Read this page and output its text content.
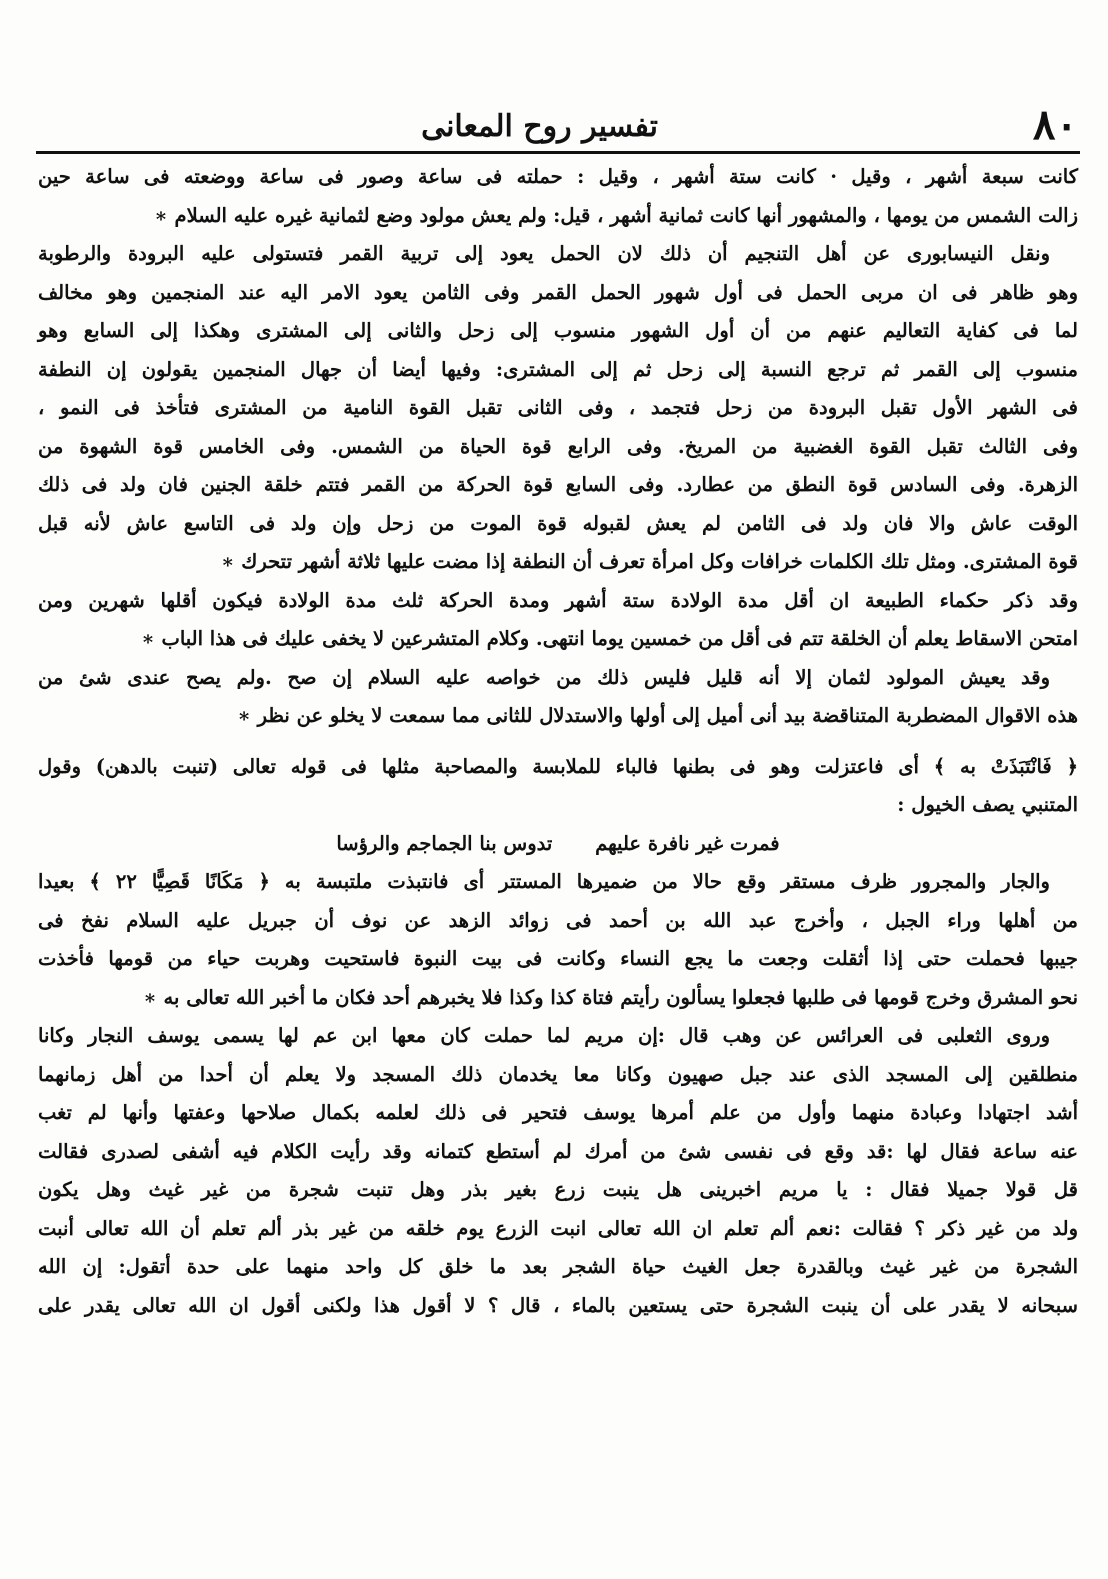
٨٠
تفسير روح المعانى

كانت سبعة أشهر ، وقيل · كانت ستة أشهر ، وقيل : حملته فى ساعة وصور فى ساعة ووضعته فى ساعة حين

زالت الشمس من يومها ، والمشهور أنها كانت ثمانية أشهر ، قيل: ولم يعش مولود وضع لثمانية غيره عليه السلام ∗

ونقل النيسابورى عن أهل التنجيم أن ذلك لان الحمل يعود إلى تربية القمر فتستولى عليه البرودة والرطوبة

وهو ظاهر فى ان مربى الحمل فى أول شهور الحمل القمر وفى الثامن يعود الامر اليه عند المنجمين وهو مخالف

لما فى كفاية التعاليم عنهم من أن أول الشهور منسوب إلى زحل والثانى إلى المشترى وهكذا إلى السابع وهو

منسوب إلى القمر ثم ترجع النسبة إلى زحل ثم إلى المشترى: وفيها أيضا أن جهال المنجمين يقولون إن النطفة

فى الشهر الأول تقبل البرودة من زحل فتجمد ، وفى الثانى تقبل القوة النامية من المشترى فتأخذ فى النمو ،

وفى الثالث تقبل القوة الغضبية من المريخ. وفى الرابع قوة الحياة من الشمس. وفى الخامس قوة الشهوة من

الزهرة. وفى السادس قوة النطق من عطارد. وفى السابع قوة الحركة من القمر فتتم خلقة الجنين فان ولد فى ذلك

الوقت عاش والا فان ولد فى الثامن لم يعش لقبوله قوة الموت من زحل وإن ولد فى التاسع عاش لأنه قبل

قوة المشترى. ومثل تلك الكلمات خرافات وكل امرأة تعرف أن النطفة إذا مضت عليها ثلاثة أشهر تتحرك ∗

وقد ذكر حكماء الطبيعة ان أقل مدة الولادة ستة أشهر ومدة الحركة ثلث مدة الولادة فيكون أقلها شهرين ومن

امتحن الاسقاط يعلم أن الخلقة تتم فى أقل من خمسين يوما انتهى. وكلام المتشرعين لا يخفى عليك فى هذا الباب ∗

وقد يعيش المولود لثمان إلا أنه قليل فليس ذلك من خواصه عليه السلام إن صح .ولم يصح عندى شئ من

هذه الاقوال المضطربة المتناقضة بيد أنى أميل إلى أولها والاستدلال للثانى مما سمعت لا يخلو عن نظر ∗

﴿ فَانْتَبَذَتْ به ﴾ أى فاعتزلت وهو فى بطنها فالباء للملابسة والمصاحبة مثلها فى قوله تعالى (تنبت بالدهن) وقول

المتنبي يصف الخيول :

فمرت غير نافرة عليهم تدوس بنا الجماجم والرؤسا

والجار والمجرور ظرف مستقر وقع حالا من ضميرها المستتر أى فانتبذت ملتبسة به ﴿ مَكَانًا قَصِيًّا ٢٢ ﴾ بعيدا

من أهلها وراء الجبل ، وأخرج عبد الله بن أحمد فى زوائد الزهد عن نوف أن جبريل عليه السلام نفخ فى

جيبها فحملت حتى إذا أثقلت وجعت ما يجع النساء وكانت فى بيت النبوة فاستحيت وهربت حياء من قومها فأخذت

نحو المشرق وخرج قومها فى طلبها فجعلوا يسألون رأيتم فتاة كذا وكذا فلا يخبرهم أحد فكان ما أخبر الله تعالى به ∗

وروى الثعلبى فى العرائس عن وهب قال :إن مريم لما حملت كان معها ابن عم لها يسمى يوسف النجار وكانا

منطلقين إلى المسجد الذى عند جبل صهيون وكانا معا يخدمان ذلك المسجد ولا يعلم أن أحدا من أهل زمانهما

أشد اجتهادا وعبادة منهما وأول من علم أمرها يوسف فتحير فى ذلك لعلمه بكمال صلاحها وعفتها وأنها لم تغب

عنه ساعة فقال لها :قد وقع فى نفسى شئ من أمرك لم أستطع كتمانه وقد رأيت الكلام فيه أشفى لصدرى فقالت

قل قولا جميلا فقال : يا مريم اخبرينى هل ينبت زرع بغير بذر وهل تنبت شجرة من غير غيث وهل يكون

ولد من غير ذكر ؟ فقالت :نعم ألم تعلم ان الله تعالى انبت الزرع يوم خلقه من غير بذر ألم تعلم أن الله تعالى أنبت

الشجرة من غير غيث وبالقدرة جعل الغيث حياة الشجر بعد ما خلق كل واحد منهما على حدة أتقول: إن الله

سبحانه لا يقدر على أن ينبت الشجرة حتى يستعين بالماء ، قال ؟ لا أقول هذا ولكنى أقول ان الله تعالى يقدر على
